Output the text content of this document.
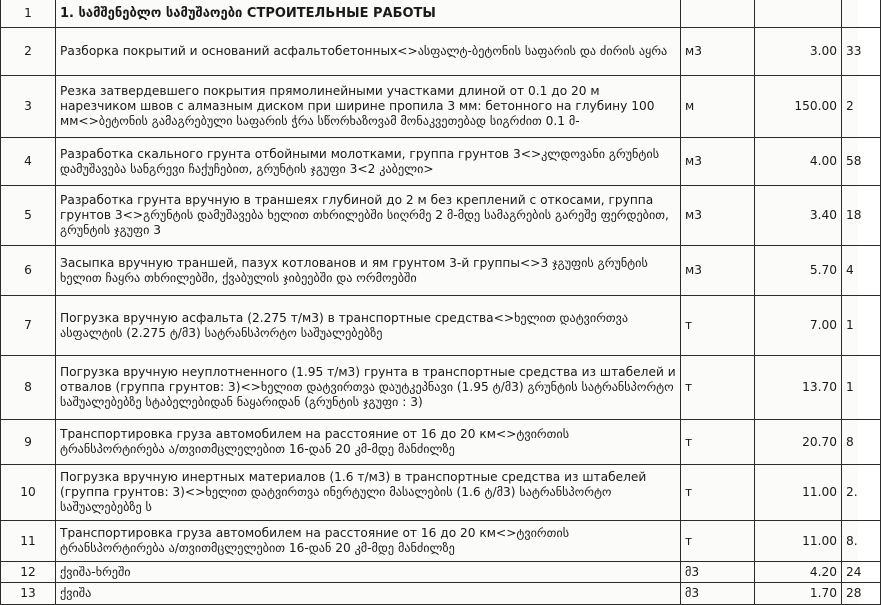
1	1. სამშენებლო სამუშაოები СТРОИТЕЛЬНЫЕ РАБОТЫ			
2	Разборка покрытий и оснований асфальтобетонных<>ასფალტ-ბეტონის საფარის და ძირის აყრა	м3	3.00	33
3	Резка затвердевшего покрытия прямолинейными участками длиной от 0.1 до 20 м нарезчиком швов с алмазным диском при ширине пропила 3 мм: бетонного на глубину 100 мм<>ბეტონის გამაგრებული საფარის ჭრა სწორხაზოვამ მონაკვეთებად სიგრძით 0.1 მ-	м	150.00	2
4	Разработка скального грунта отбойными молотками, группа грунтов 3<>კლდოვანი გრუნტის დამუშავება სანგრევი ჩაქუჩებით, გრუნტის ჯგუფი 3<2 კაბელი>	м3	4.00	58
5	Разработка грунта вручную в траншеях глубиной до 2 м без креплений с откосами, группа грунтов 3<>გრუნტის დამუშავება ხელით თხრილებში სიღრმე 2 მ-მდე სამაგრების გარეშე ფერდებით, გრუნტის ჯგუფი 3	м3	3.40	18
6	Засыпка вручную траншей, пазух котлованов и ям грунтом 3-й группы<>3 ჯგუფის გრუნტის ხელით ჩაყრა თხრილებში, ქვაბულის ჯიბეებში და ორმოებში	м3	5.70	4
7	Погрузка вручную асфальта (2.275 т/м3) в транспортные средства<>ხელით დატვირთვა ასფალტის (2.275 ტ/მ3) სატრანსპორტო საშუალებებზე	т	7.00	1
8	Погрузка вручную неуплотненного (1.95 т/м3) грунта в транспортные средства из штабелей и отвалов (группа грунтов: 3)<>ხელით დატვირთვა დაუტკეპნავი (1.95 ტ/მ3) გრუნტის სატრანსპორტო საშუალებებზე სტაბელებიდან ნაყარიდან (გრუნტის ჯგუფი : 3)	т	13.70	1
9	Транспортировка груза автомобилем на расстояние от 16 до 20 км<>ტვირთის ტრანსპორტირება ა/თვითმცლელებით 16-დან 20 კმ-მდე მანძილზე	т	20.70	8
10	Погрузка вручную инертных материалов (1.6 т/м3) в транспортные средства из штабелей (группа грунтов: 3)<>ხელით დატვირთვა ინერტული მასალების (1.6 ტ/მ3) სატრანსპორტო საშუალებებზე ს	т	11.00	2.
11	Транспортировка груза автомобилем на расстояние от 16 до 20 км<>ტვირთის ტრანსპორტირება ა/თვითმცლელებით 16-დან 20 კმ-მდე მანძილზე	т	11.00	8.
12	ქვიშა-ხრეში	მ3	4.20	24
13	ქვიშა	მ3	1.70	28
